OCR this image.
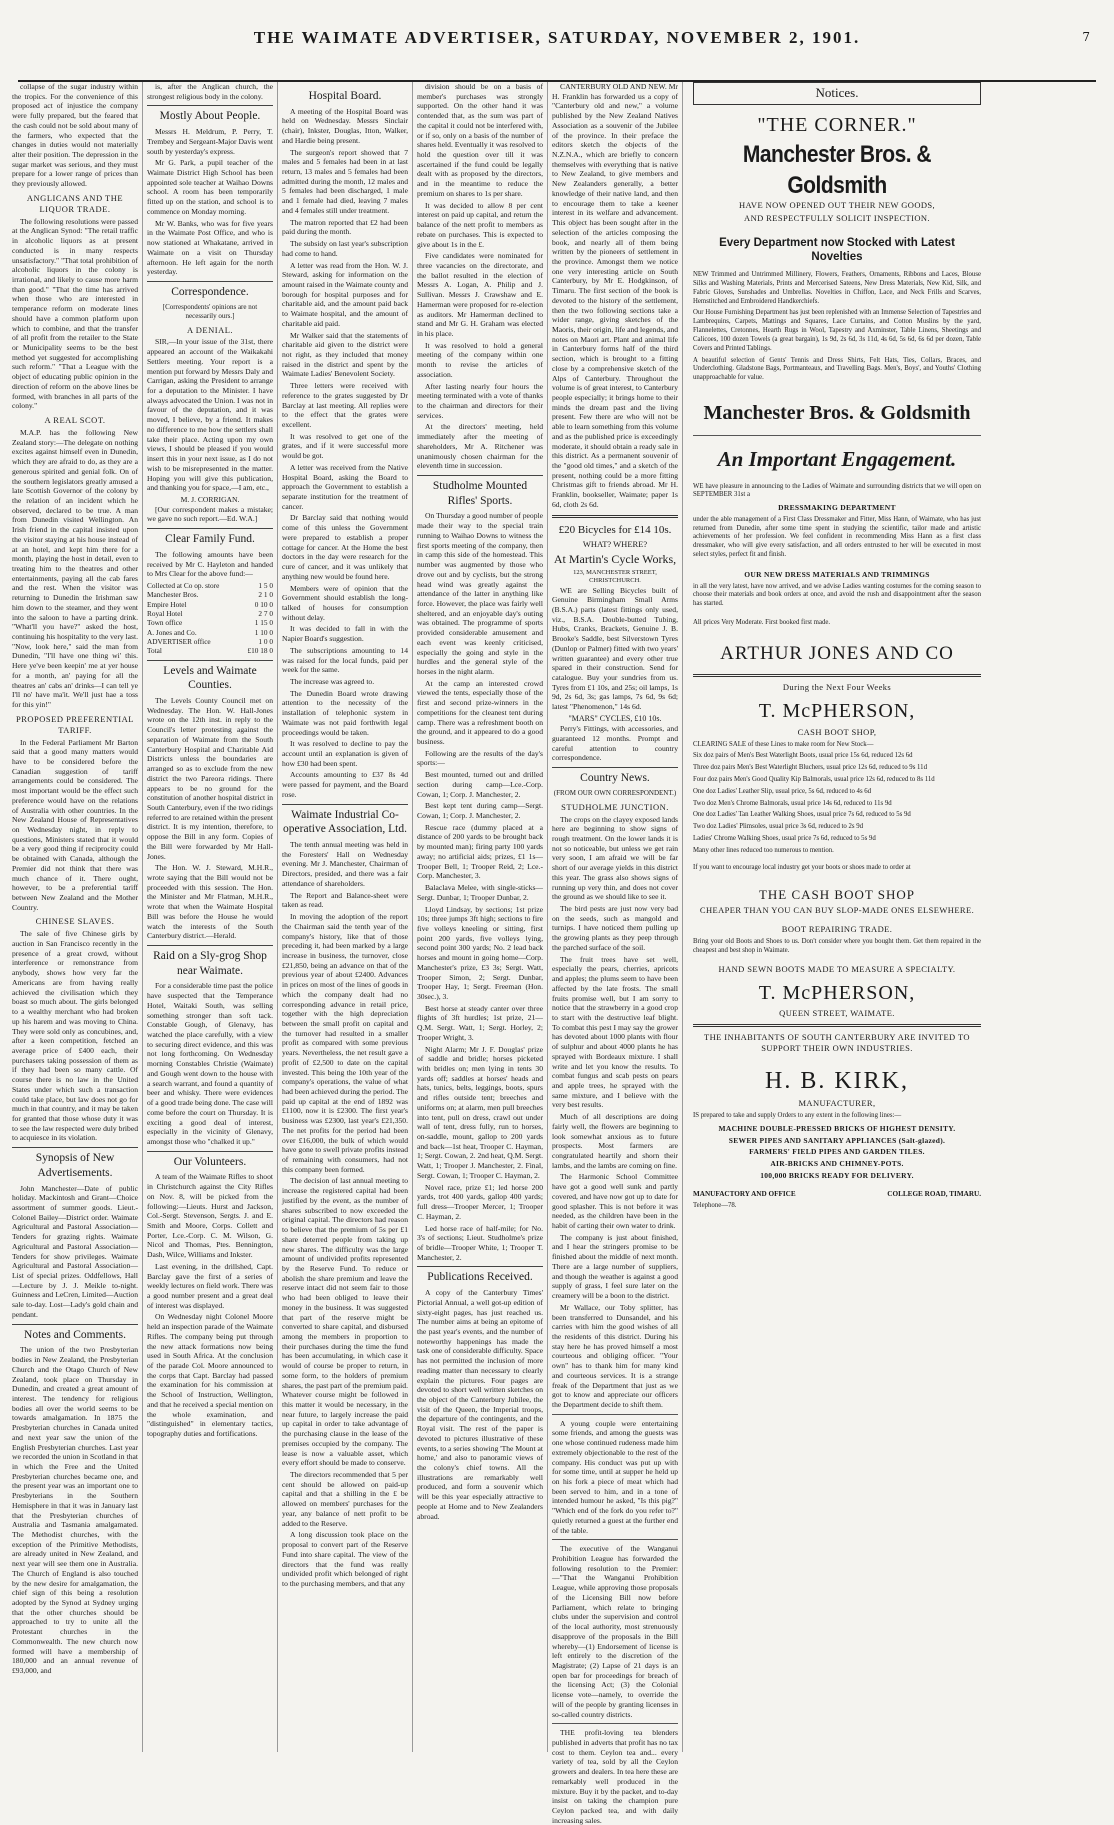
THE WAIMATE ADVERTISER, SATURDAY, NOVEMBER 2, 1901.	7

collapse of the sugar industry within the tropics. For the convenience of this proposed act of injustice the company were fully prepared, but the feared that the cash could not be sold about many of the farmers, who expected that the changes in duties would not materially alter their position. The depression in the sugar market was serious, and they must prepare for a lower range of prices than they previously allowed.

ANGLICANS AND THE LIQUOR TRADE.

The following resolutions were passed at the Anglican Synod: "The retail traffic in alcoholic liquors as at present conducted is in many respects unsatisfactory." "That total prohibition of alcoholic liquors in the colony is irrational, and likely to cause more harm than good." "That the time has arrived when those who are interested in temperance reform on moderate lines should have a common platform upon which to combine, and that the transfer of all profit from the retailer to the State or Municipality seems to be the best method yet suggested for accomplishing such reform." "That a League with the object of educating public opinion in the direction of reform on the above lines be formed, with branches in all parts of the colony."

A REAL SCOT.

M.A.P. has the following New Zealand story:—The delegate on nothing excites against himself even in Dunedin, which they are afraid to do, as they are a generous spirited and genial folk. On of the southern legislators greatly amused a late Scottish Governor of the colony by the relation of an incident which he observed, declared to be true. A man from Dunedin visited Wellington. An Irish friend in the capital insisted upon the visitor staying at his house instead of at an hotel, and kept him there for a month, playing the host in detail, even to treating him to the theatres and other entertainments, paying all the cab fares and the rest. When the visitor was returning to Dunedin the Irishman saw him down to the steamer, and they went into the saloon to have a parting drink. "What'll you have?" asked the host, continuing his hospitality to the very last. "Now, look here," said the man from Dunedin, "I'll have one thing wi' this. Here ye've been keepin' me at yer house for a month, an' paying for all the theatres an' cabs an' drinks—I can tell ye I'll no' have ma'it. We'll just hae a toss for this yin!"

PROPOSED PREFERENTIAL TARIFF.

In the Federal Parliament Mr Barton said that a good many matters would have to be considered before the Canadian suggestion of tariff arrangements could be considered. The most important would be the effect such preference would have on the relations of Australia with other countries. In the New Zealand House of Representatives on Wednesday night, in reply to questions, Ministers stated that it would be a very good thing if reciprocity could be obtained with Canada, although the Premier did not think that there was much chance of it. There ought, however, to be a preferential tariff between New Zealand and the Mother Country.

CHINESE SLAVES.

The sale of five Chinese girls by auction in San Francisco recently in the presence of a great crowd, without interference or remonstrance from anybody, shows how very far the Americans are from having really achieved the civilisation which they boast so much about. The girls belonged to a wealthy merchant who had broken up his harem and was moving to China. They were sold only as concubines, and, after a keen competition, fetched an average price of £400 each, their purchasers taking possession of them as if they had been so many cattle. Of course there is no law in the United States under which such a transaction could take place, but law does not go for much in that country, and it may be taken for granted that those whose duty it was to see the law respected were duly bribed to acquiesce in its violation.

Synopsis of New Advertisements.

John Manchester—Date of public holiday. Mackintosh and Grant—Choice assortment of summer goods. Lieut.-Colonel Bailey—District order. Waimate Agricultural and Pastoral Association—Tenders for grazing rights. Waimate Agricultural and Pastoral Association—Tenders for show privileges. Waimate Agricultural and Pastoral Association—List of special prizes. Oddfellows, Hall—Lecture by J. J. Meikle to-night. Guinness and LeCren, Limited—Auction sale to-day. Lost—Lady's gold chain and pendant.

Notes and Comments.

The union of the two Presbyterian bodies in New Zealand, the Presbyterian Church and the Otago Church of New Zealand, took place on Thursday in Dunedin, and created a great amount of interest. The tendency for religious bodies all over the world seems to be towards amalgamation. In 1875 the Presbyterian churches in Canada united and next year saw the union of the English Presbyterian churches. Last year we recorded the union in Scotland in that in which the Free and the United Presbyterian churches became one, and the present year was an important one to Presbyterians in the Southern Hemisphere in that it was in January last that the Presbyterian churches of Australia and Tasmania amalgamated. The Methodist churches, with the exception of the Primitive Methodists, are already united in New Zealand, and next year will see them one in Australia. The Church of England is also touched by the new desire for amalgamation, the chief sign of this being a resolution adopted by the Synod at Sydney urging that the other churches should be approached to try to unite all the Protestant churches in the Commonwealth. The new church now formed will have a membership of 180,000 and an annual revenue of £93,000, and

is, after the Anglican church, the strongest religious body in the colony.

Mostly About People.

Messrs H. Meldrum, P. Perry, T. Trembey and Sergeant-Major Davis went south by yesterday's express.

Mr G. Park, a pupil teacher of the Waimate District High School has been appointed sole teacher at Waihao Downs school. A room has been temporarily fitted up on the station, and school is to commence on Monday morning.

Mr W. Banks, who was for five years in the Waimate Post Office, and who is now stationed at Whakatane, arrived in Waimate on a visit on Thursday afternoon. He left again for the north yesterday.

Correspondence.
[Correspondents' opinions are not necessarily ours.]
A DENIAL.

SIR,—In your issue of the 31st, there appeared an account of the Waikakahi Settlers meeting. Your report is a mention put forward by Messrs Daly and Carrigan, asking the President to arrange for a deputation to the Minister. I have always advocated the Union. I was not in favour of the deputation, and it was moved, I believe, by a friend. It makes no difference to me how the settlers shall take their place. Acting upon my own views, I should be pleased if you would insert this in your next issue, as I do not wish to be misrepresented in the matter. Hoping you will give this publication, and thanking you for space,—I am, etc.,

M. J. CORRIGAN.

[Our correspondent makes a mistake; we gave no such report.—Ed. W.A.]

Clear Family Fund.

The following amounts have been received by Mr C. Hayleton and handed to Mrs Clear for the above fund:—

Collected at Co op. store	1 5 0
Manchester Bros.	2 1 0
Empire Hotel	0 10 0
Royal Hotel	2 7 0
Town office	1 15 0
A. Jones and Co.	1 10 0
ADVERTISER office	1 0 0
Total	£10 18 0
Levels and Waimate Counties.

The Levels County Council met on Wednesday. The Hon. W. Hall-Jones wrote on the 12th inst. in reply to the Council's letter protesting against the separation of Waimate from the South Canterbury Hospital and Charitable Aid Districts unless the boundaries are arranged so as to exclude from the new district the two Pareora ridings. There appears to be no ground for the constitution of another hospital district in South Canterbury, even if the two ridings referred to are retained within the present district. It is my intention, therefore, to oppose the Bill in any form. Copies of the Bill were forwarded by Mr Hall-Jones.

The Hon. W. J. Steward, M.H.R., wrote saying that the Bill would not be proceeded with this session. The Hon. the Minister and Mr Flatman, M.H.R., wrote that when the Waimate Hospital Bill was before the House he would watch the interests of the South Canterbury district.—Herald.

Raid on a Sly-grog Shop near Waimate.

For a considerable time past the police have suspected that the Temperance Hotel, Waitaki South, was selling something stronger than soft tack. Constable Gough, of Glenavy, has watched the place carefully, with a view to securing direct evidence, and this was not long forthcoming. On Wednesday morning Constables Christie (Waimate) and Gough went down to the house with a search warrant, and found a quantity of beer and whisky. There were evidences of a good trade being done. The case will come before the court on Thursday. It is exciting a good deal of interest, especially in the vicinity of Glenavy, amongst those who "chalked it up."

Our Volunteers.

A team of the Waimate Rifles to shoot in Christchurch against the City Rifles on Nov. 8, will be picked from the following:—Lieuts. Hurst and Jackson, Col.-Sergt. Stevenson, Sergts. J. and E. Smith and Moore, Corps. Collett and Porter, Lce.-Corp. C. M. Wilson, G. Nicol and Thomas, Ptes. Bennington, Dash, Wilce, Williams and Inkster.

Last evening, in the drillshed, Capt. Barclay gave the first of a series of weekly lectures on field work. There was a good number present and a great deal of interest was displayed.

On Wednesday night Colonel Moore held an inspection parade of the Waimate Rifles. The company being put through the new attack formations now being used in South Africa. At the conclusion of the parade Col. Moore announced to the corps that Capt. Barclay had passed the examination for his commission at the School of Instruction, Wellington, and that he received a special mention on the whole examination, and "distinguished" in elementary tactics, topography duties and fortifications.

Hospital Board.

A meeting of the Hospital Board was held on Wednesday. Messrs Sinclair (chair), Inkster, Douglas, Itton, Walker, and Hardie being present.

The surgeon's report showed that 7 males and 5 females had been in at last return, 13 males and 5 females had been admitted during the month, 12 males and 5 females had been discharged, 1 male and 1 female had died, leaving 7 males and 4 females still under treatment.

The matron reported that £2 had been paid during the month.

The subsidy on last year's subscription had come to hand.

A letter was read from the Hon. W. J. Steward, asking for information on the amount raised in the Waimate county and borough for hospital purposes and for charitable aid, and the amount paid back to Waimate hospital, and the amount of charitable aid paid.

Mr Walker said that the statements of charitable aid given to the district were not right, as they included that money raised in the district and spent by the Waimate Ladies' Benevolent Society.

Three letters were received with reference to the grates suggested by Dr Barclay at last meeting. All replies were to the effect that the grates were excellent.

It was resolved to get one of the grates, and if it were successful more would be got.

A letter was received from the Native Hospital Board, asking the Board to approach the Government to establish a separate institution for the treatment of cancer.

Dr Barclay said that nothing would come of this unless the Government were prepared to establish a proper cottage for cancer. At the Home the best doctors in the day were research for the cure of cancer, and it was unlikely that anything new would be found here.

Members were of opinion that the Government should establish the long-talked of houses for consumption without delay.

It was decided to fall in with the Napier Board's suggestion.

The subscriptions amounting to 14 was raised for the local funds, paid per week for the same.

The increase was agreed to.

The Dunedin Board wrote drawing attention to the necessity of the installation of telephonic system in Waimate was not paid forthwith legal proceedings would be taken.

It was resolved to decline to pay the account until an explanation is given of how £30 had been spent.

Accounts amounting to £37 8s 4d were passed for payment, and the Board rose.

Waimate Industrial Co-operative Association, Ltd.

The tenth annual meeting was held in the Foresters' Hall on Wednesday evening. Mr J. Manchester, Chairman of Directors, presided, and there was a fair attendance of shareholders.

The Report and Balance-sheet were taken as read.

In moving the adoption of the report the Chairman said the tenth year of the company's history, like that of those preceding it, had been marked by a large increase in business, the turnover, close £21,850, being an advance on that of the previous year of about £2400. Advances in prices on most of the lines of goods in which the company dealt had no corresponding advance in retail price, together with the high depreciation between the small profit on capital and the turnover had resulted in a smaller profit as compared with some previous years. Nevertheless, the net result gave a profit of £2,500 to date on the capital invested. This being the 10th year of the company's operations, the value of what had been achieved during the period. The paid up capital at the end of 1892 was £1100, now it is £2300. The first year's business was £2300, last year's £21,350. The net profits for the period had been over £16,000, the bulk of which would have gone to swell private profits instead of remaining with consumers, had not this company been formed.

The decision of last annual meeting to increase the registered capital had been justified by the event, as the number of shares subscribed to now exceeded the original capital. The directors had reason to believe that the premium of 5s per £1 share deterred people from taking up new shares. The difficulty was the large amount of undivided profits represented by the Reserve Fund. To reduce or abolish the share premium and leave the reserve intact did not seem fair to those who had been obliged to leave their money in the business. It was suggested that part of the reserve might be converted to share capital, and disbursed among the members in proportion to their purchases during the time the fund has been accumulating, in which case it would of course be proper to return, in some form, to the holders of premium shares, the past part of the premium paid. Whatever course might be followed in this matter it would be necessary, in the near future, to largely increase the paid up capital in order to take advantage of the purchasing clause in the lease of the premises occupied by the company. The lease is now a valuable asset, which every effort should be made to conserve.

The directors recommended that 5 per cent should be allowed on paid-up capital and that a shilling in the £ be allowed on members' purchases for the year, any balance of nett profit to be added to the Reserve.

A long discussion took place on the proposal to convert part of the Reserve Fund into share capital. The view of the directors that the fund was really undivided profit which belonged of right to the purchasing members, and that any

division should be on a basis of member's purchases was strongly supported. On the other hand it was contended that, as the sum was part of the capital it could not be interfered with, or if so, only on a basis of the number of shares held. Eventually it was resolved to hold the question over till it was ascertained if the fund could be legally dealt with as proposed by the directors, and in the meantime to reduce the premium on shares to 1s per share.

It was decided to allow 8 per cent interest on paid up capital, and return the balance of the nett profit to members as rebate on purchases. This is expected to give about 1s in the £.

Five candidates were nominated for three vacancies on the directorate, and the ballot resulted in the election of Messrs A. Logan, A. Philip and J. Sullivan. Messrs J. Crawshaw and E. Hamerman were proposed for re-election as auditors. Mr Hamerman declined to stand and Mr G. H. Graham was elected in his place.

It was resolved to hold a general meeting of the company within one month to revise the articles of association.

After lasting nearly four hours the meeting terminated with a vote of thanks to the chairman and directors for their services.

At the directors' meeting, held immediately after the meeting of shareholders, Mr A. Ritchener was unanimously chosen chairman for the eleventh time in succession.

Studholme Mounted Rifles' Sports.

On Thursday a good number of people made their way to the special train running to Waihao Downs to witness the first sports meeting of the company, then in camp this side of the homestead. This number was augmented by those who drove out and by cyclists, but the strong head wind was greatly against the attendance of the latter in anything like force. However, the place was fairly well sheltered, and an enjoyable day's outing was obtained. The programme of sports provided considerable amusement and each event was keenly criticised, especially the going and style in the hurdles and the general style of the horses in the night alarm.

At the camp an interested crowd viewed the tents, especially those of the first and second prize-winners in the competitions for the cleanest tent during camp. There was a refreshment booth on the ground, and it appeared to do a good business.

Following are the results of the day's sports:—

Best mounted, turned out and drilled section during camp—Lce.-Corp. Cowan, 1; Corp. J. Manchester, 2.

Best kept tent during camp—Sergt. Cowan, 1; Corp. J. Manchester, 2.

Rescue race (dummy placed at a distance of 200 yards to be brought back by mounted man); firing party 100 yards away; no artificial aids; prizes, £1 1s—Trooper Bell, 1; Trooper Reid, 2; Lce.-Corp. Manchester, 3.

Balaclava Melee, with single-sticks—Sergt. Dunbar, 1; Trooper Dunbar, 2.

Lloyd Lindsay, by sections; 1st prize 10s; three jumps 3ft high; sections to fire five volleys kneeling or sitting, first point 200 yards, five volleys lying, second point 300 yards; No. 2 lead back horses and mount in going home—Corp. Manchester's prize, £3 3s; Sergt. Watt, Trooper Simon, 2; Sergt. Dunbar, Trooper Hay, 1; Sergt. Freeman (Hon. 30sec.), 3.

Best horse at steady canter over three flights of 3ft hurdles; 1st prize, 21—Q.M. Sergt. Watt, 1; Sergt. Horley, 2; Trooper Wright, 3.

Night Alarm; Mr J. F. Douglas' prize of saddle and bridle; horses picketed with bridles on; men lying in tents 30 yards off; saddles at horses' heads and hats, tunics, belts, leggings, boots, spurs and rifles outside tent; breeches and uniforms on; at alarm, men pull breeches into tent, pull on dress, crawl out under wall of tent, dress fully, run to horses, on-saddle, mount, gallop to 200 yards and back—1st heat, Trooper C. Hayman, 1; Sergt. Cowan, 2. 2nd heat, Q.M. Sergt. Watt, 1; Trooper J. Manchester, 2. Final, Sergt. Cowan, 1; Trooper C. Hayman, 2.

Novel race, prize £1; led horse 200 yards, trot 400 yards, gallop 400 yards; full dress—Trooper Mercer, 1; Trooper C. Hayman, 2.

Led horse race of half-mile; for No. 3's of sections; Lieut. Studholme's prize of bridle—Trooper White, 1; Trooper T. Manchester, 2.

Publications Received.

A copy of the Canterbury Times' Pictorial Annual, a well got-up edition of sixty-eight pages, has just reached us. The number aims at being an epitome of the past year's events, and the number of noteworthy happenings has made the task one of considerable difficulty. Space has not permitted the inclusion of more reading matter than necessary to clearly explain the pictures. Four pages are devoted to short well written sketches on the object of the Canterbury Jubilee, the visit of the Queen, the Imperial troops, the departure of the contingents, and the Royal visit. The rest of the paper is devoted to pictures illustrative of these events, to a series showing 'The Mount at home,' and also to panoramic views of the colony's chief towns. All the illustrations are remarkably well produced, and form a souvenir which will be this year especially attractive to people at Home and to New Zealanders abroad.

CANTERBURY OLD AND NEW. Mr H. Franklin has forwarded us a copy of "Canterbury old and new," a volume published by the New Zealand Natives Association as a souvenir of the Jubilee of the province. In their preface the editors sketch the objects of the N.Z.N.A., which are briefly to concern themselves with everything that is native to New Zealand, to give members and New Zealanders generally, a better knowledge of their native land, and then to encourage them to take a keener interest in its welfare and advancement. This object has been sought after in the selection of the articles composing the book, and nearly all of them being written by the pioneers of settlement in the province. Amongst them we notice one very interesting article on South Canterbury, by Mr E. Hodgkinson, of Timaru. The first section of the book is devoted to the history of the settlement, then the two following sections take a wider range, giving sketches of the Maoris, their origin, life and legends, and notes on Maori art. Plant and animal life in Canterbury forms half of the third section, which is brought to a fitting close by a comprehensive sketch of the Alps of Canterbury. Throughout the volume is of great interest, to Canterbury people especially; it brings home to their minds the dream past and the living present. Few there are who will not be able to learn something from this volume and as the published price is exceedingly moderate, it should obtain a ready sale in this district. As a permanent souvenir of the "good old times," and a sketch of the present, nothing could be a more fitting Christmas gift to friends abroad. Mr H. Franklin, bookseller, Waimate; paper 1s 6d, cloth 2s 6d.

£20 Bicycles for £14 10s.
WHAT? WHERE?
At Martin's Cycle Works,
123, MANCHESTER STREET, CHRISTCHURCH.

WE are Selling Bicycles built of Genuine Birmingham Small Arms (B.S.A.) parts (latest fittings only used, viz., B.S.A. Double-butted Tubing, Hubs, Cranks, Brackets, Genuine J. B. Brooke's Saddle, best Silverstown Tyres (Dunlop or Palmer) fitted with two years' written guarantee) and every other true spared in their construction. Send for catalogue. Buy your sundries from us. Tyres from £1 10s, and 25s; oil lamps, 1s 9d, 2s 6d, 3s; gas lamps, 7s 6d, 9s 6d; latest "Phenomenon," 14s 6d.

"MARS" CYCLES, £10 10s.

Perry's Fittings, with accessories, and guaranteed 12 months. Prompt and careful attention to country correspondence.

Country News.
(FROM OUR OWN CORRESPONDENT.)
STUDHOLME JUNCTION.

The crops on the clayey exposed lands here are beginning to show signs of rough treatment. On the lower lands it is not so noticeable, but unless we get rain very soon, I am afraid we will be far short of our average yields in this district this year. The grass also shows signs of running up very thin, and does not cover the ground as we should like to see it.

The bird pests are just now very bad on the seeds, such as mangold and turnips. I have noticed them pulling up the growing plants as they peep through the parched surface of the soil.

The fruit trees have set well, especially the pears, cherries, apricots and apples; the plums seem to have been affected by the late frosts. The small fruits promise well, but I am sorry to notice that the strawberry in a good crop to start with the destructive leaf blight. To combat this pest I may say the grower has devoted about 1000 plants with flour of sulphur and about 4000 plants he has sprayed with Bordeaux mixture. I shall write and let you know the results. To combat fungus and scab pests on pears and apple trees, he sprayed with the same mixture, and I believe with the very best results.

Much of all descriptions are doing fairly well, the flowers are beginning to look somewhat anxious as to future prospects. Most farmers are congratulated heartily and shorn their lambs, and the lambs are coming on fine.

The Harmonic School Committee have got a good well sunk and partly covered, and have now got up to date for good splasher. This is not before it was needed, as the children have been in the habit of carting their own water to drink.

The company is just about finished, and I hear the stringers promise to be finished about the middle of next month. There are a large number of suppliers, and though the weather is against a good supply of grass, I feel sure later on the creamery will be a boon to the district.

Mr Wallace, our Toby splitter, has been transferred to Dunsandel, and his carries with him the good wishes of all the residents of this district. During his stay here he has proved himself a most courteous and obliging officer. "Your own" has to thank him for many kind and courteous services. It is a strange freak of the Department that just as we got to know and appreciate our officers the Department decide to shift them.

A young couple were entertaining some friends, and among the guests was one whose continued rudeness made him extremely objectionable to the rest of the company. His conduct was put up with for some time, until at supper he held up on his fork a piece of meat which had been served to him, and in a tone of intended humour he asked, "Is this pig?" "Which end of the fork do you refer to?" quietly returned a guest at the further end of the table.

The executive of the Wanganui Prohibition League has forwarded the following resolution to the Premier:—"That the Wanganui Prohibition League, while approving those proposals of the Licensing Bill now before Parliament, which relate to bringing clubs under the supervision and control of the local authority, most strenuously disapprove of the proposals in the Bill whereby—(1) Endorsement of license is left entirely to the discretion of the Magistrate; (2) Lapse of 21 days is an open bar for proceedings for breach of the licensing Act; (3) the Colonial license vote—namely, to override the will of the people by granting licenses in so-called country districts.

THE profit-loving tea blenders published in adverts that profit has no tax cost to them. Ceylon tea and... every variety of tea, sold by all the Ceylon growers and dealers. In tea here these are remarkably well produced in the mixture. Buy it by the packet, and to-day insist on taking the champion pure Ceylon packed tea, and with daily increasing sales.

Notices.
"THE CORNER."
Manchester Bros. & Goldsmith
HAVE NOW OPENED OUT THEIR NEW GOODS,
AND RESPECTFULLY SOLICIT INSPECTION.
Every Department now Stocked with Latest Novelties
NEW Trimmed and Untrimmed Millinery, Flowers, Feathers, Ornaments, Ribbons and Laces, Blouse Silks and Washing Materials, Prints and Mercerised Sateens, New Dress Materials, New Kid, Silk, and Fabric Gloves, Sunshades and Umbrellas. Novelties in Chiffon, Lace, and Neck Frills and Scarves, Hemstitched and Embroidered Handkerchiefs.
Our House Furnishing Department has just been replenished with an Immense Selection of Tapestries and Lambrequins, Carpets, Mattings and Squares, Lace Curtains, and Cotton Muslins by the yard, Flannelettes, Cretonnes, Hearth Rugs in Wool, Tapestry and Axminster, Table Linens, Sheetings and Calicoes, 100 dozen Towels (a great bargain), 1s 9d, 2s 6d, 3s 11d, 4s 6d, 5s 6d, 6s 6d per dozen, Table Covers and Printed Tablings.
A beautiful selection of Gents' Tennis and Dress Shirts, Felt Hats, Ties, Collars, Braces, and Underclothing. Gladstone Bags, Portmanteaux, and Travelling Bags. Men's, Boys', and Youths' Clothing unapproachable for value.
Manchester Bros. & Goldsmith
An Important Engagement.
WE have pleasure in announcing to the Ladies of Waimate and surrounding districts that we will open on SEPTEMBER 31st a
DRESSMAKING DEPARTMENT
under the able management of a First Class Dressmaker and Fitter, Miss Hann, of Waimate, who has just returned from Dunedin, after some time spent in studying the scientific, tailor made and artistic achievements of her profession. We feel confident in recommending Miss Hann as a first class dressmaker, who will give every satisfaction, and all orders entrusted to her will be executed in most select styles, perfect fit and finish.
OUR NEW DRESS MATERIALS AND TRIMMINGS
in all the very latest, have now arrived, and we advise Ladies wanting costumes for the coming season to choose their materials and book orders at once, and avoid the rush and disappointment after the season has started.
All prices Very Moderate. First booked first made.
ARTHUR JONES AND CO
During the Next Four Weeks
T. McPHERSON,
CASH BOOT SHOP,
CLEARING SALE of these Lines to make room for New Stock—
Six doz pairs of Men's Best Waterlight Boots, usual price 15s 6d, reduced 12s 6d
Three doz pairs Men's Best Waterlight Bluchers, usual price 12s 6d, reduced to 9s 11d
Four doz pairs Men's Good Quality Kip Balmorals, usual price 12s 6d, reduced to 8s 11d
One doz Ladies' Leather Slip, usual price, 5s 6d, reduced to 4s 6d
Two doz Men's Chrome Balmorals, usual price 14s 6d, reduced to 11s 9d
One doz Ladies' Tan Leather Walking Shoes, usual price 7s 6d, reduced to 5s 9d
Two doz Ladies' Plimsoles, usual price 3s 6d, reduced to 2s 9d
Ladies' Chrome Walking Shoes, usual price 7s 6d, reduced to 5s 9d
Many other lines reduced too numerous to mention.
If you want to encourage local industry get your boots or shoes made to order at
THE CASH BOOT SHOP
CHEAPER THAN YOU CAN BUY SLOP-MADE ONES ELSEWHERE.
BOOT REPAIRING TRADE.
Bring your old Boots and Shoes to us. Don't consider where you bought them. Get them repaired in the cheapest and best shop in Waimate.
HAND SEWN BOOTS MADE TO MEASURE A SPECIALTY.
T. McPHERSON,
QUEEN STREET, WAIMATE.
THE INHABITANTS OF SOUTH CANTERBURY ARE INVITED TO SUPPORT THEIR OWN INDUSTRIES.
H. B. KIRK,
MANUFACTURER,
IS prepared to take and supply Orders to any extent in the following lines:—
MACHINE DOUBLE-PRESSED BRICKS OF HIGHEST DENSITY.
SEWER PIPES AND SANITARY APPLIANCES (Salt-glazed).
FARMERS' FIELD PIPES AND GARDEN TILES.
AIR-BRICKS AND CHIMNEY-POTS.
100,000 BRICKS READY FOR DELIVERY.
MANUFACTORY AND OFFICE	COLLEGE ROAD, TIMARU.
Telephone—78.
